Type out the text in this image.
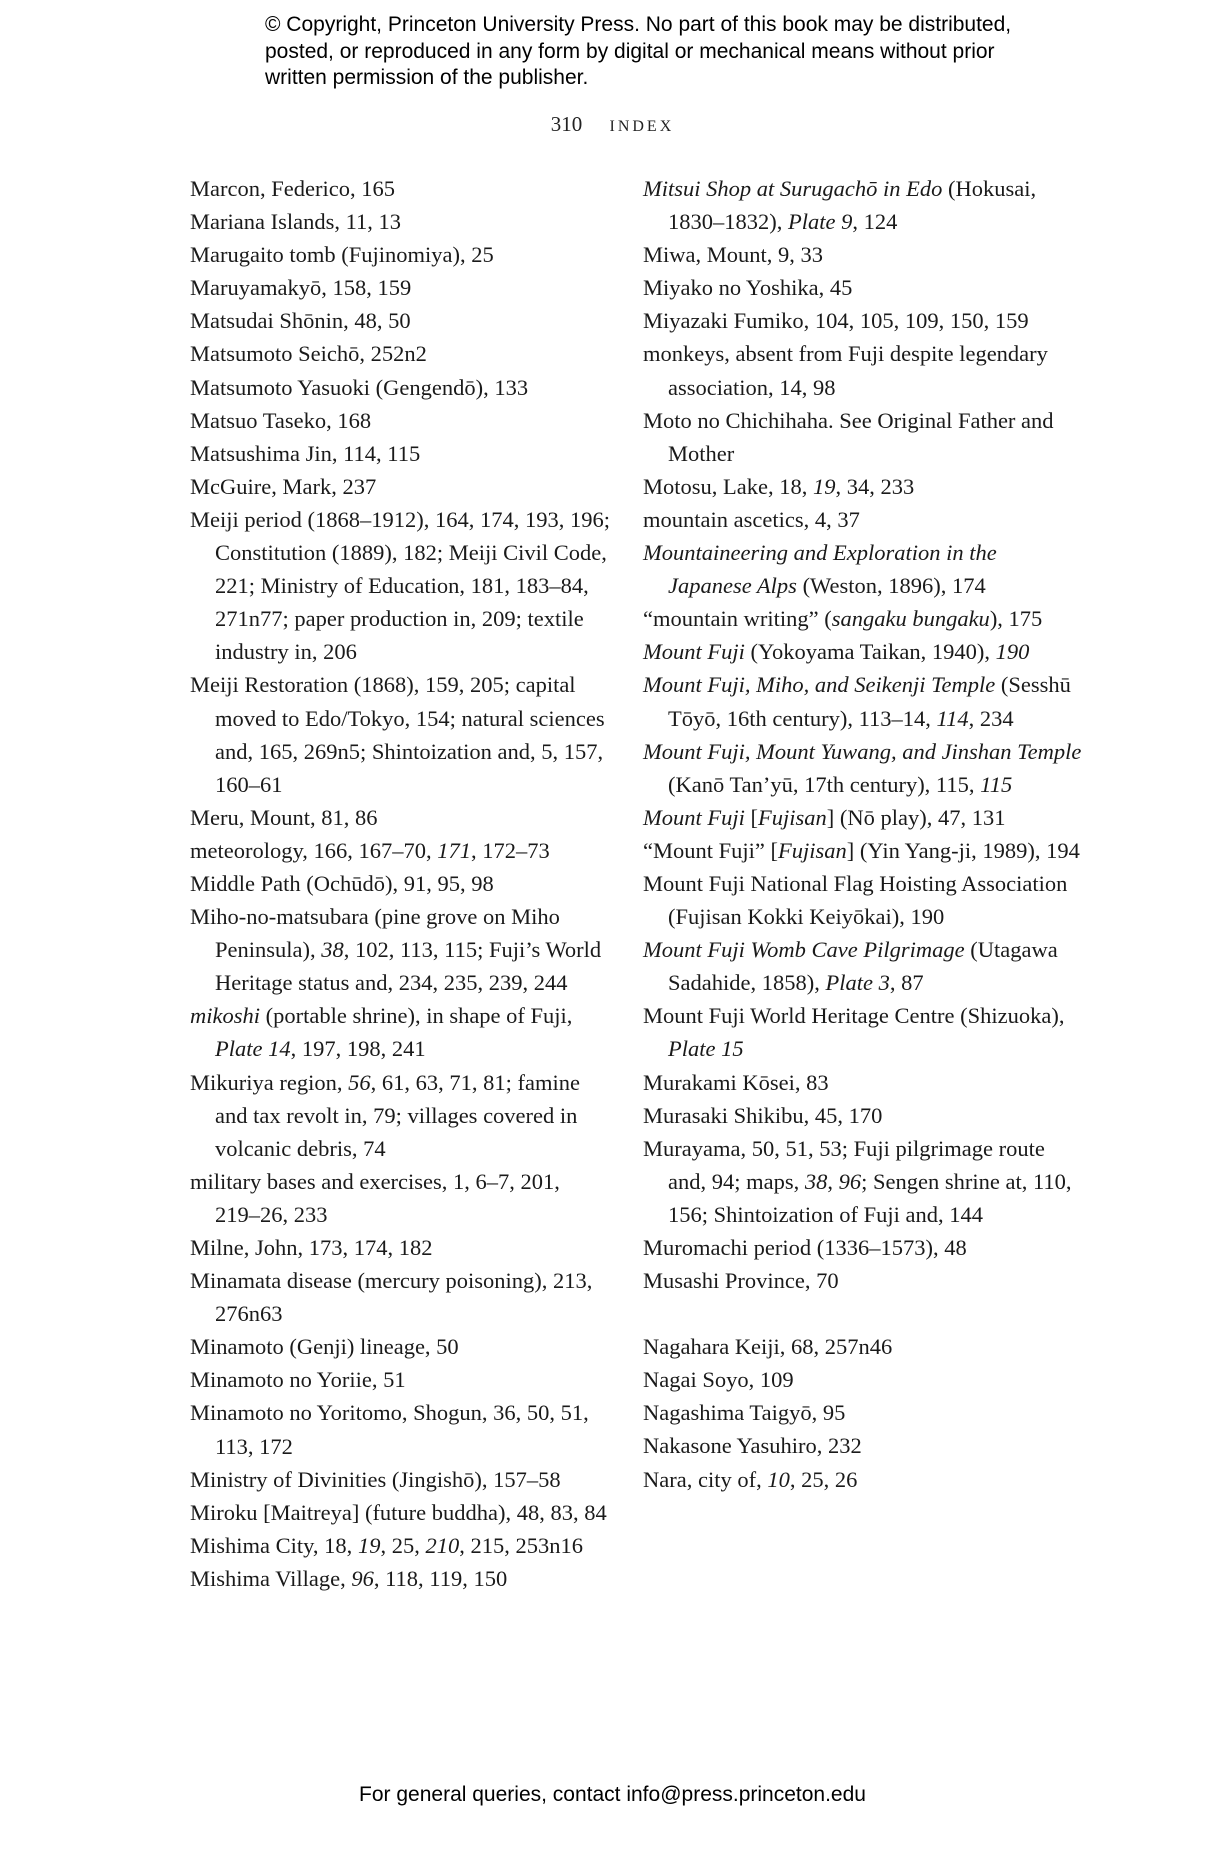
© Copyright, Princeton University Press. No part of this book may be distributed, posted, or reproduced in any form by digital or mechanical means without prior written permission of the publisher.
310 INDEX
Marcon, Federico, 165
Mariana Islands, 11, 13
Marugaito tomb (Fujinomiya), 25
Maruyamakyō, 158, 159
Matsudai Shōnin, 48, 50
Matsumoto Seichō, 252n2
Matsumoto Yasuoki (Gengendō), 133
Matsuo Taseko, 168
Matsushima Jin, 114, 115
McGuire, Mark, 237
Meiji period (1868–1912), 164, 174, 193, 196; Constitution (1889), 182; Meiji Civil Code, 221; Ministry of Education, 181, 183–84, 271n77; paper production in, 209; textile industry in, 206
Meiji Restoration (1868), 159, 205; capital moved to Edo/Tokyo, 154; natural sciences and, 165, 269n5; Shintoization and, 5, 157, 160–61
Meru, Mount, 81, 86
meteorology, 166, 167–70, 171, 172–73
Middle Path (Ochūdō), 91, 95, 98
Miho-no-matsubara (pine grove on Miho Peninsula), 38, 102, 113, 115; Fuji’s World Heritage status and, 234, 235, 239, 244
mikoshi (portable shrine), in shape of Fuji, Plate 14, 197, 198, 241
Mikuriya region, 56, 61, 63, 71, 81; famine and tax revolt in, 79; villages covered in volcanic debris, 74
military bases and exercises, 1, 6–7, 201, 219–26, 233
Milne, John, 173, 174, 182
Minamata disease (mercury poisoning), 213, 276n63
Minamoto (Genji) lineage, 50
Minamoto no Yoriie, 51
Minamoto no Yoritomo, Shogun, 36, 50, 51, 113, 172
Ministry of Divinities (Jingishō), 157–58
Miroku [Maitreya] (future buddha), 48, 83, 84
Mishima City, 18, 19, 25, 210, 215, 253n16
Mishima Village, 96, 118, 119, 150
Mitsui Shop at Surugachō in Edo (Hokusai, 1830–1832), Plate 9, 124
Miwa, Mount, 9, 33
Miyako no Yoshika, 45
Miyazaki Fumiko, 104, 105, 109, 150, 159
monkeys, absent from Fuji despite legendary association, 14, 98
Moto no Chichihaha. See Original Father and Mother
Motosu, Lake, 18, 19, 34, 233
mountain ascetics, 4, 37
Mountaineering and Exploration in the Japanese Alps (Weston, 1896), 174
“mountain writing” (sangaku bungaku), 175
Mount Fuji (Yokoyama Taikan, 1940), 190
Mount Fuji, Miho, and Seikenji Temple (Sesshū Tōyō, 16th century), 113–14, 114, 234
Mount Fuji, Mount Yuwang, and Jinshan Temple (Kanō Tan’yū, 17th century), 115, 115
Mount Fuji [Fujisan] (Nō play), 47, 131
“Mount Fuji” [Fujisan] (Yin Yang-ji, 1989), 194
Mount Fuji National Flag Hoisting Association (Fujisan Kokki Keiyōkai), 190
Mount Fuji Womb Cave Pilgrimage (Utagawa Sadahide, 1858), Plate 3, 87
Mount Fuji World Heritage Centre (Shizuoka), Plate 15
Murakami Kōsei, 83
Murasaki Shikibu, 45, 170
Murayama, 50, 51, 53; Fuji pilgrimage route and, 94; maps, 38, 96; Sengen shrine at, 110, 156; Shintoization of Fuji and, 144
Muromachi period (1336–1573), 48
Musashi Province, 70
Nagahara Keiji, 68, 257n46
Nagai Soyo, 109
Nagashima Taigyō, 95
Nakasone Yasuhiro, 232
Nara, city of, 10, 25, 26
For general queries, contact info@press.princeton.edu
